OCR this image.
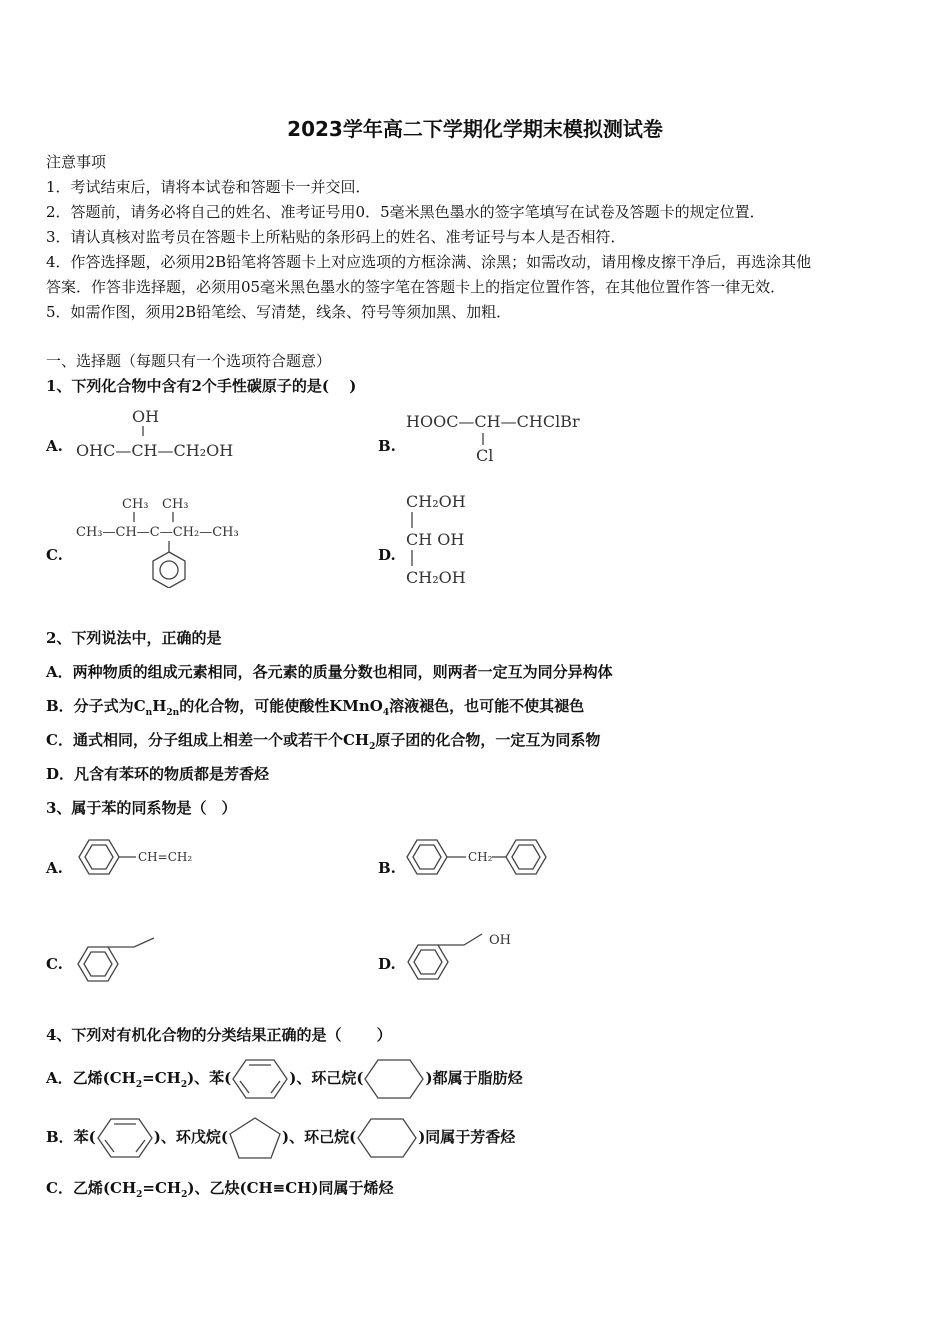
2023学年高二下学期化学期末模拟测试卷
注意事项
1．考试结束后，请将本试卷和答题卡一并交回．
2．答题前，请务必将自己的姓名、准考证号用0．5毫米黑色墨水的签字笔填写在试卷及答题卡的规定位置．
3．请认真核对监考员在答题卡上所粘贴的条形码上的姓名、准考证号与本人是否相符．
4．作答选择题，必须用2B铅笔将答题卡上对应选项的方框涂满、涂黑；如需改动，请用橡皮擦干净后，再选涂其他
答案．作答非选择题，必须用05毫米黑色墨水的签字笔在答题卡上的指定位置作答，在其他位置作答一律无效．
5．如需作图，须用2B铅笔绘、写清楚，线条、符号等须加黑、加粗．
一、选择题（每题只有一个选项符合题意）
1、下列化合物中含有2个手性碳原子的是(　 )
A.
OH
OHC—CH—CH₂OH	B.
HOOC—CH—CHClBr
Cl
C.
CH₃ CH₃
CH₃—CH—C—CH₂—CH₃
D.
CH₂OH
CH OH
CH₂OH
2、下列说法中，正确的是
A．两种物质的组成元素相同，各元素的质量分数也相同，则两者一定互为同分异构体
B．分子式为$C_nH_{2n}$的化合物，可能使酸性KMnO$_4$溶液褪色，也可能不使其褪色
C．通式相同，分子组成上相差一个或若干个$CH_2$原子团的化合物，一定互为同系物
D．凡含有苯环的物质都是芳香烃
3、属于苯的同系物是（　）
A.
CH=CH₂
B.
CH₂
C.	D.
OH
4、下列对有机化合物的分类结果正确的是（　　 ）
A．乙烯$(CH_2=CH_2)$、苯(	)、环己烷(	)都属于脂肪烃
B．苯(	)、环戊烷(	)、环己烷(	)同属于芳香烃
C．乙烯$(CH_2=CH_2)$、乙炔(CH≡CH)同属于烯烃
